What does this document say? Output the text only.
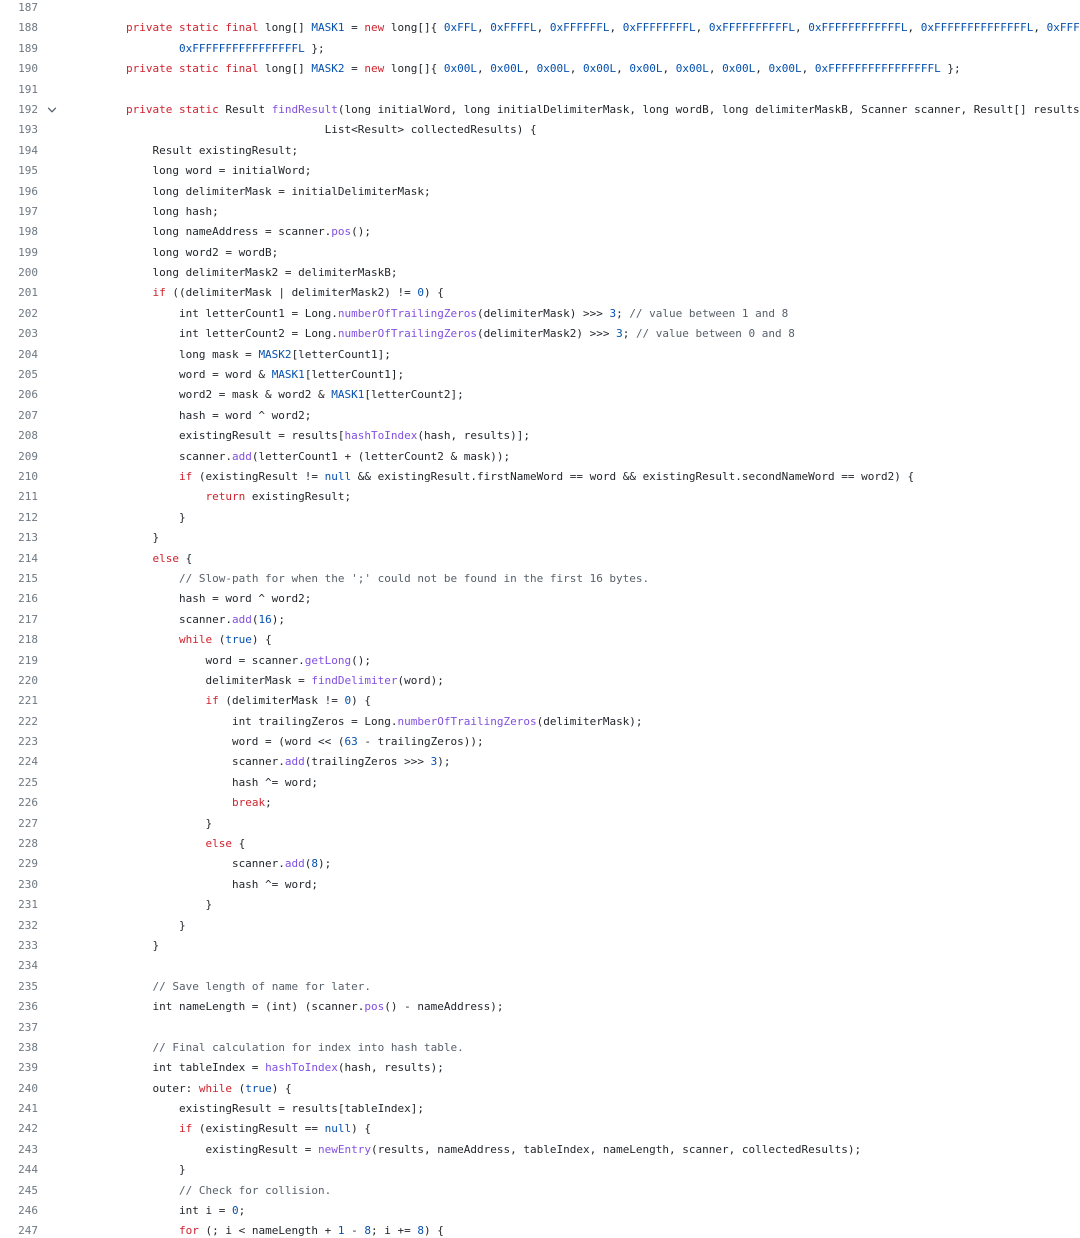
187
188	private static final long[] MASK1 = new long[]{ 0xFFL, 0xFFFFL, 0xFFFFFFL, 0xFFFFFFFFL, 0xFFFFFFFFFFL, 0xFFFFFFFFFFFFL, 0xFFFFFFFFFFFFFFL, 0xFFF
189	0xFFFFFFFFFFFFFFFFL };
190	private static final long[] MASK2 = new long[]{ 0x00L, 0x00L, 0x00L, 0x00L, 0x00L, 0x00L, 0x00L, 0x00L, 0xFFFFFFFFFFFFFFFFL };
191
192	private static Result findResult(long initialWord, long initialDelimiterMask, long wordB, long delimiterMaskB, Scanner scanner, Result[] results
193	List<Result> collectedResults) {
194	Result existingResult;
195	long word = initialWord;
196	long delimiterMask = initialDelimiterMask;
197	long hash;
198	long nameAddress = scanner.pos();
199	long word2 = wordB;
200	long delimiterMask2 = delimiterMaskB;
201	if ((delimiterMask | delimiterMask2) != 0) {
202	int letterCount1 = Long.numberOfTrailingZeros(delimiterMask) >>> 3; // value between 1 and 8
203	int letterCount2 = Long.numberOfTrailingZeros(delimiterMask2) >>> 3; // value between 0 and 8
204	long mask = MASK2[letterCount1];
205	word = word & MASK1[letterCount1];
206	word2 = mask & word2 & MASK1[letterCount2];
207	hash = word ^ word2;
208	existingResult = results[hashToIndex(hash, results)];
209	scanner.add(letterCount1 + (letterCount2 & mask));
210	if (existingResult != null && existingResult.firstNameWord == word && existingResult.secondNameWord == word2) {
211	return existingResult;
212	}
213	}
214	else {
215	// Slow-path for when the ';' could not be found in the first 16 bytes.
216	hash = word ^ word2;
217	scanner.add(16);
218	while (true) {
219	word = scanner.getLong();
220	delimiterMask = findDelimiter(word);
221	if (delimiterMask != 0) {
222	int trailingZeros = Long.numberOfTrailingZeros(delimiterMask);
223	word = (word << (63 - trailingZeros));
224	scanner.add(trailingZeros >>> 3);
225	hash ^= word;
226	break;
227	}
228	else {
229	scanner.add(8);
230	hash ^= word;
231	}
232	}
233	}
234
235	// Save length of name for later.
236	int nameLength = (int) (scanner.pos() - nameAddress);
237
238	// Final calculation for index into hash table.
239	int tableIndex = hashToIndex(hash, results);
240	outer: while (true) {
241	existingResult = results[tableIndex];
242	if (existingResult == null) {
243	existingResult = newEntry(results, nameAddress, tableIndex, nameLength, scanner, collectedResults);
244	}
245	// Check for collision.
246	int i = 0;
247	for (; i < nameLength + 1 - 8; i += 8) {
